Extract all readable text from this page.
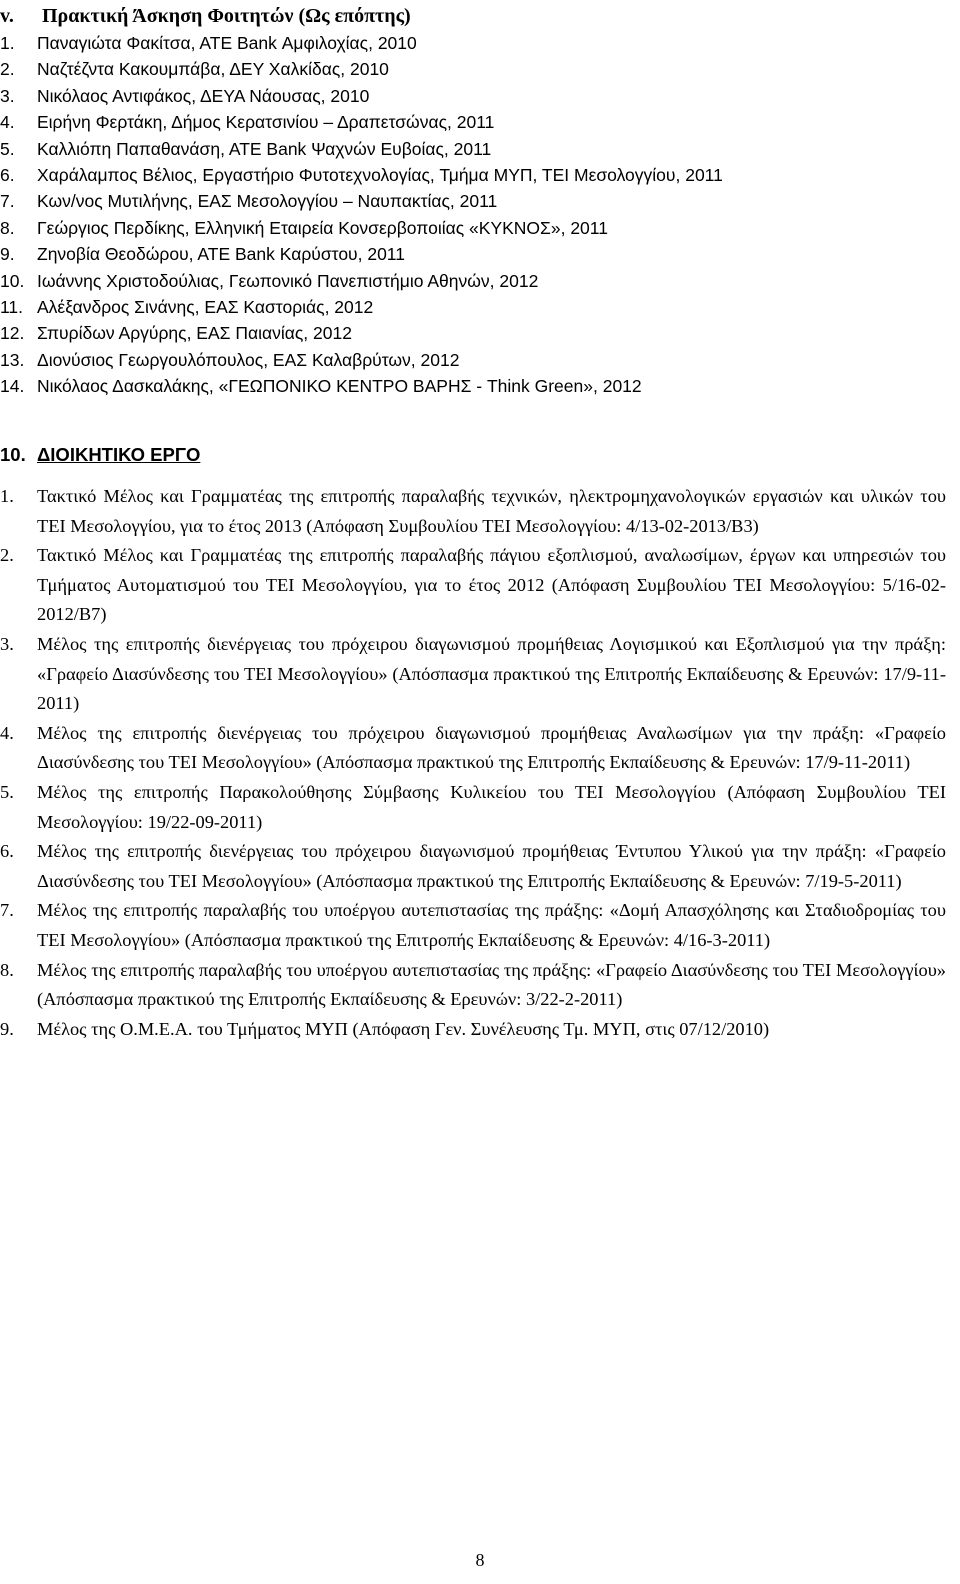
v. Πρακτική Άσκηση Φοιτητών (Ως επόπτης)
1. Παναγιώτα Φακίτσα, ΑΤΕ Bank Αμφιλοχίας, 2010
2. Ναζτέζντα Κακουμπάβα, ΔΕΥ Χαλκίδας, 2010
3. Νικόλαος Αντιφάκος, ΔΕΥΑ Νάουσας, 2010
4. Ειρήνη Φερτάκη, Δήμος Κερατσινίου – Δραπετσώνας, 2011
5. Καλλιόπη Παπαθανάση, ΑΤΕ Bank Ψαχνών Ευβοίας, 2011
6. Χαράλαμπος Βέλιος, Εργαστήριο Φυτοτεχνολογίας, Τμήμα ΜΥΠ, ΤΕΙ Μεσολογγίου, 2011
7. Κων/νος Μυτιλήνης, ΕΑΣ Μεσολογγίου – Ναυπακτίας, 2011
8. Γεώργιος Περδίκης, Ελληνική Εταιρεία Κονσερβοποιίας «ΚΥΚΝΟΣ», 2011
9. Ζηνοβία Θεοδώρου, ΑΤΕ Bank Καρύστου, 2011
10. Ιωάννης Χριστοδούλιας, Γεωπονικό Πανεπιστήμιο Αθηνών, 2012
11. Αλέξανδρος Σινάνης, ΕΑΣ Καστοριάς, 2012
12. Σπυρίδων Αργύρης, ΕΑΣ Παιανίας, 2012
13. Διονύσιος Γεωργουλόπουλος, ΕΑΣ Καλαβρύτων, 2012
14. Νικόλαος Δασκαλάκης, «ΓΕΩΠΟΝΙΚΟ ΚΕΝΤΡΟ ΒΑΡΗΣ - Think Green», 2012
10. ΔΙΟΙΚΗΤΙΚΟ ΕΡΓΟ
1. Τακτικό Μέλος και Γραμματέας της επιτροπής παραλαβής τεχνικών, ηλεκτρομηχανολογικών εργασιών και υλικών του ΤΕΙ Μεσολογγίου, για το έτος 2013 (Απόφαση Συμβουλίου ΤΕΙ Μεσολογγίου: 4/13-02-2013/Β3)
2. Τακτικό Μέλος και Γραμματέας της επιτροπής παραλαβής πάγιου εξοπλισμού, αναλωσίμων, έργων και υπηρεσιών του Τμήματος Αυτοματισμού του ΤΕΙ Μεσολογγίου, για το έτος 2012 (Απόφαση Συμβουλίου ΤΕΙ Μεσολογγίου: 5/16-02-2012/Β7)
3. Μέλος της επιτροπής διενέργειας του πρόχειρου διαγωνισμού προμήθειας Λογισμικού και Εξοπλισμού για την πράξη: «Γραφείο Διασύνδεσης του ΤΕΙ Μεσολογγίου» (Απόσπασμα πρακτικού της Επιτροπής Εκπαίδευσης & Ερευνών: 17/9-11-2011)
4. Μέλος της επιτροπής διενέργειας του πρόχειρου διαγωνισμού προμήθειας Αναλωσίμων για την πράξη: «Γραφείο Διασύνδεσης του ΤΕΙ Μεσολογγίου» (Απόσπασμα πρακτικού της Επιτροπής Εκπαίδευσης & Ερευνών: 17/9-11-2011)
5. Μέλος της επιτροπής Παρακολούθησης Σύμβασης Κυλικείου του ΤΕΙ Μεσολογγίου (Απόφαση Συμβουλίου ΤΕΙ Μεσολογγίου: 19/22-09-2011)
6. Μέλος της επιτροπής διενέργειας του πρόχειρου διαγωνισμού προμήθειας Έντυπου Υλικού για την πράξη: «Γραφείο Διασύνδεσης του ΤΕΙ Μεσολογγίου» (Απόσπασμα πρακτικού της Επιτροπής Εκπαίδευσης & Ερευνών: 7/19-5-2011)
7. Μέλος της επιτροπής παραλαβής του υποέργου αυτεπιστασίας της πράξης: «Δομή Απασχόλησης και Σταδιοδρομίας του ΤΕΙ Μεσολογγίου» (Απόσπασμα πρακτικού της Επιτροπής Εκπαίδευσης & Ερευνών: 4/16-3-2011)
8. Μέλος της επιτροπής παραλαβής του υποέργου αυτεπιστασίας της πράξης: «Γραφείο Διασύνδεσης του ΤΕΙ Μεσολογγίου» (Απόσπασμα πρακτικού της Επιτροπής Εκπαίδευσης & Ερευνών: 3/22-2-2011)
9. Μέλος της Ο.Μ.Ε.Α. του Τμήματος ΜΥΠ (Απόφαση Γεν. Συνέλευσης Τμ. ΜΥΠ, στις 07/12/2010)
8
